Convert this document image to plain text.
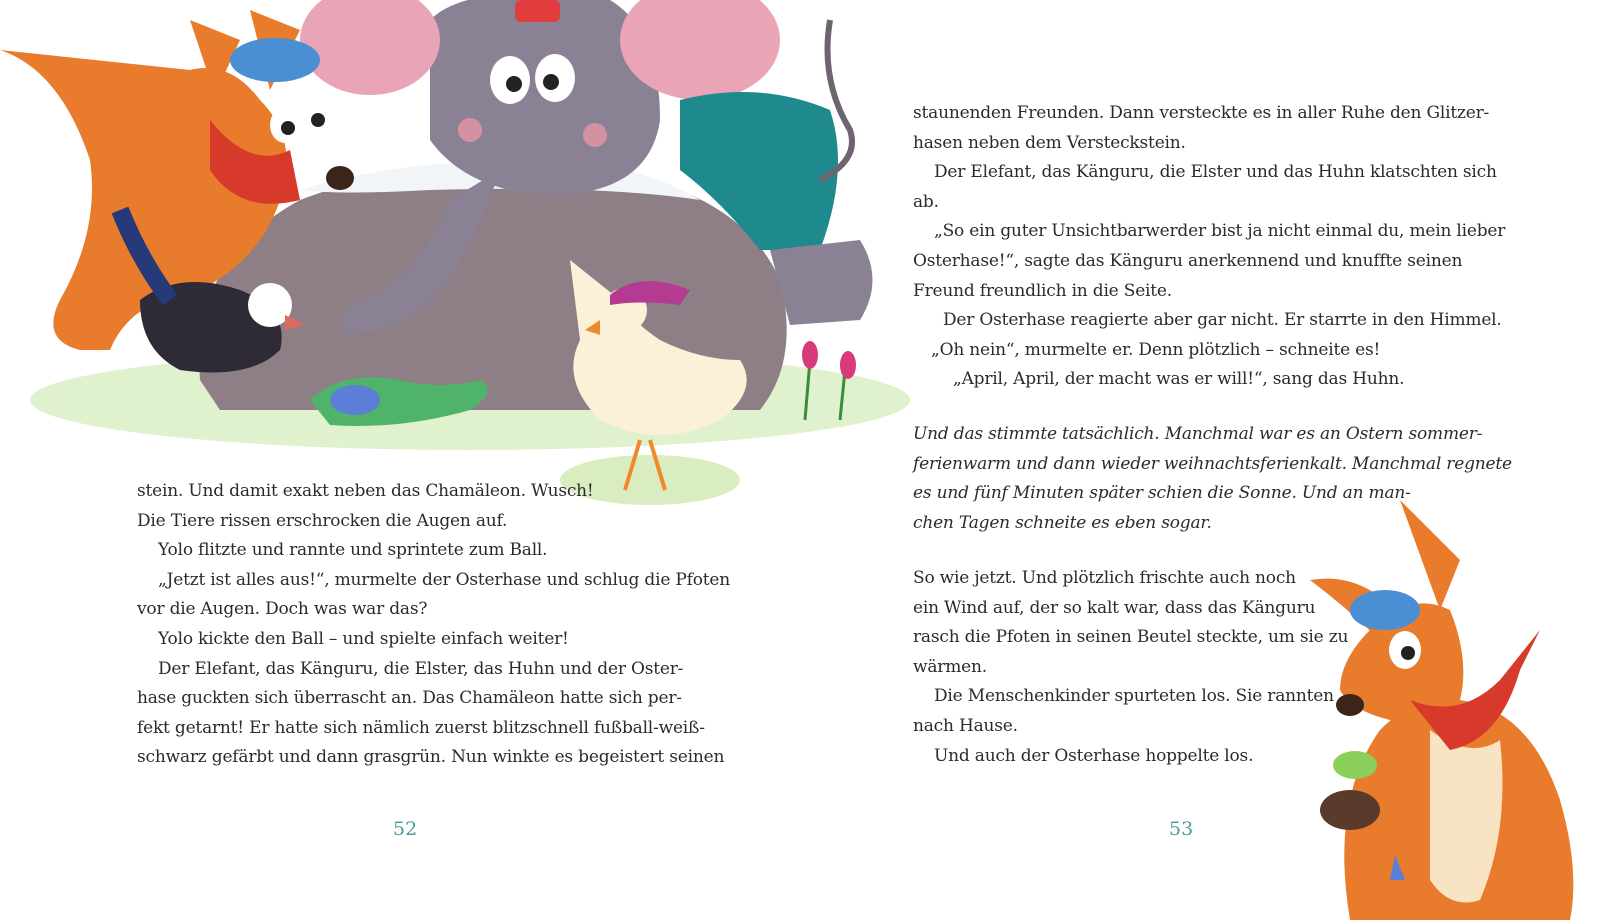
stein. Und damit exakt neben das Chamäleon. Wusch!

Die Tiere rissen erschrocken die Augen auf.

Yolo flitzte und rannte und sprintete zum Ball.

„Jetzt ist alles aus!“, murmelte der Osterhase und schlug die Pfoten

vor die Augen. Doch was war das?

Yolo kickte den Ball – und spielte einfach weiter!

Der Elefant, das Känguru, die Elster, das Huhn und der Oster-

hase guckten sich überrascht an. Das Chamäleon hatte sich per-

fekt getarnt! Er hatte sich nämlich zuerst blitzschnell fußball-weiß-

schwarz gefärbt und dann grasgrün. Nun winkte es begeistert seinen

staunenden Freunden. Dann versteckte es in aller Ruhe den Glitzer-

hasen neben dem Versteckstein.

Der Elefant, das Känguru, die Elster und das Huhn klatschten sich

ab.

„So ein guter Unsichtbarwerder bist ja nicht einmal du, mein lieber

Osterhase!“, sagte das Känguru anerkennend und knuffte seinen

Freund freundlich in die Seite.

Der Osterhase reagierte aber gar nicht. Er starrte in den Himmel.

„Oh nein“, murmelte er. Denn plötzlich – schneite es!

„April, April, der macht was er will!“, sang das Huhn.

Und das stimmte tatsächlich. Manchmal war es an Ostern sommer-

ferienwarm und dann wieder weihnachtsferienkalt. Manchmal regnete

es und fünf Minuten später schien die Sonne. Und an man-

chen Tagen schneite es eben sogar.

So wie jetzt. Und plötzlich frischte auch noch

ein Wind auf, der so kalt war, dass das Känguru

rasch die Pfoten in seinen Beutel steckte, um sie zu

wärmen.

Die Menschenkinder spurteten los. Sie rannten

nach Hause.

Und auch der Osterhase hoppelte los.

52	53
